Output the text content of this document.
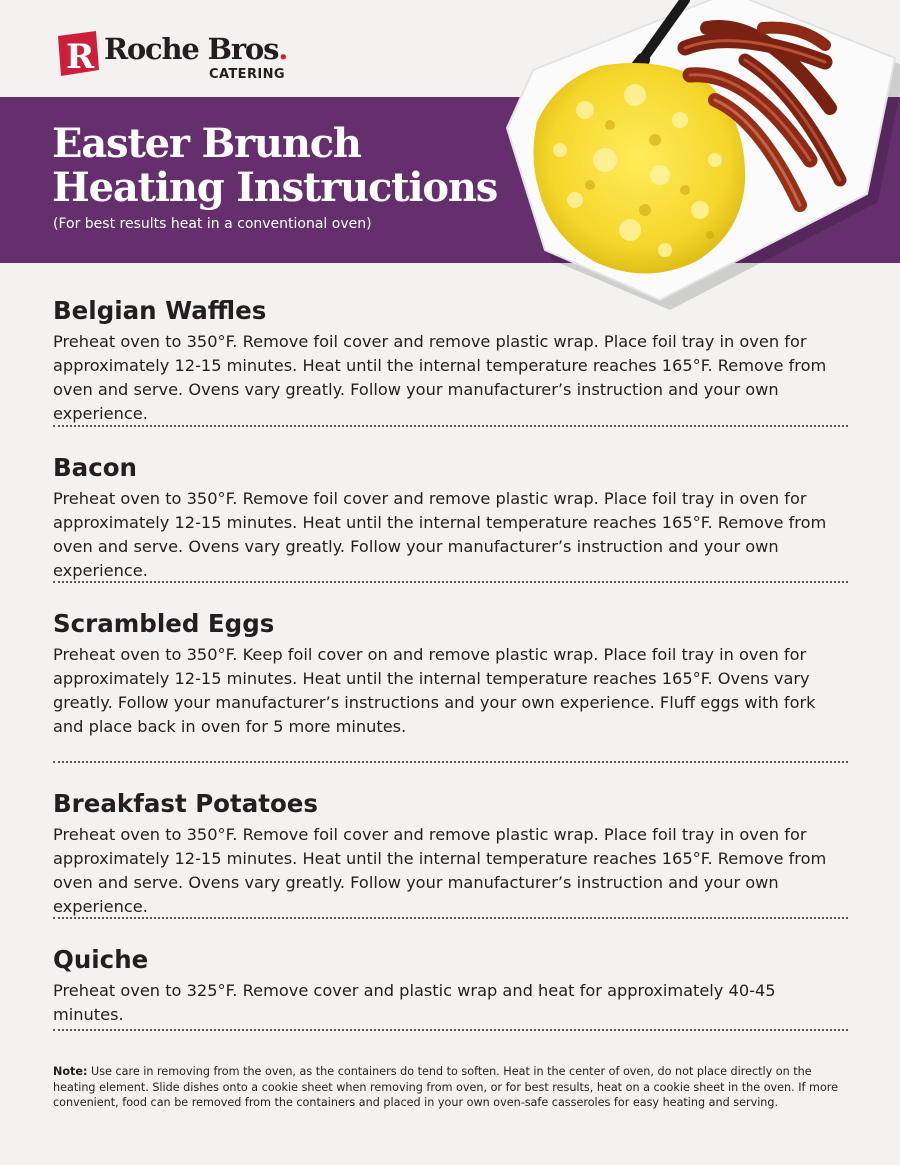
R Roche Bros.
CATERING
Easter Brunch
Heating Instructions
(For best results heat in a conventional oven)
Belgian Waffles

Preheat oven to 350°F. Remove foil cover and remove plastic wrap. Place foil tray in oven for approximately 12-15 minutes. Heat until the internal temperature reaches 165°F. Remove from oven and serve. Ovens vary greatly. Follow your manufacturer’s instruction and your own experience.

Bacon

Preheat oven to 350°F. Remove foil cover and remove plastic wrap. Place foil tray in oven for approximately 12-15 minutes. Heat until the internal temperature reaches 165°F. Remove from oven and serve. Ovens vary greatly. Follow your manufacturer’s instruction and your own experience.

Scrambled Eggs

Preheat oven to 350°F. Keep foil cover on and remove plastic wrap. Place foil tray in oven for approximately 12-15 minutes. Heat until the internal temperature reaches 165°F. Ovens vary greatly. Follow your manufacturer’s instructions and your own experience. Fluff eggs with fork and place back in oven for 5 more minutes.

Breakfast Potatoes

Preheat oven to 350°F. Remove foil cover and remove plastic wrap. Place foil tray in oven for approximately 12-15 minutes. Heat until the internal temperature reaches 165°F. Remove from oven and serve. Ovens vary greatly. Follow your manufacturer’s instruction and your own experience.

Quiche

Preheat oven to 325°F. Remove cover and plastic wrap and heat for approximately 40-45 minutes.

Note: Use care in removing from the oven, as the containers do tend to soften. Heat in the center of oven, do not place directly on the heating element. Slide dishes onto a cookie sheet when removing from oven, or for best results, heat on a cookie sheet in the oven. If more convenient, food can be removed from the containers and placed in your own oven-safe casseroles for easy heating and serving.
